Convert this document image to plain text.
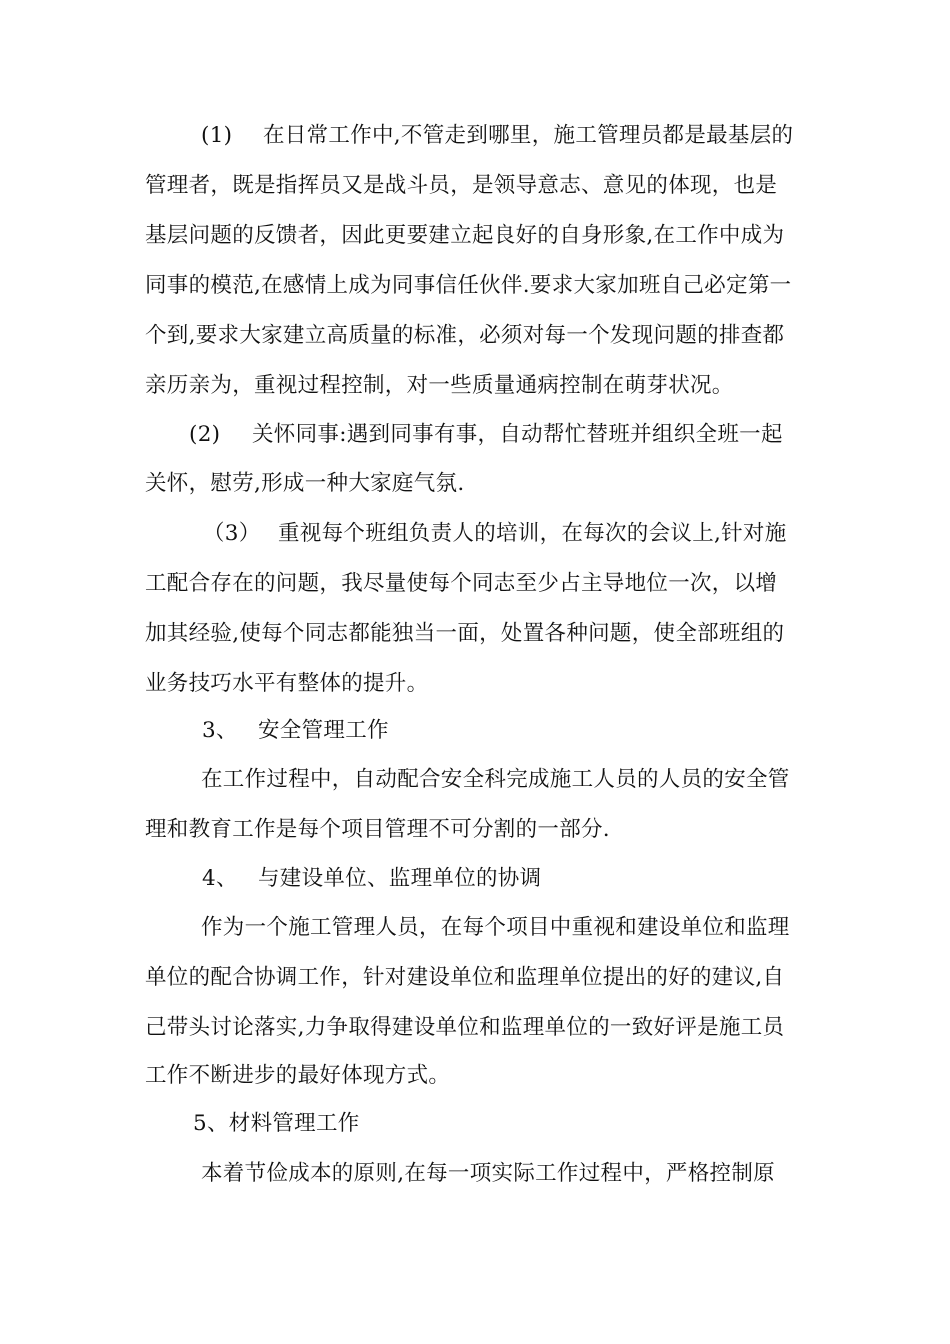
(1) 在日常工作中,不管走到哪里，施工管理员都是最基层的
管理者，既是指挥员又是战斗员，是领导意志、意见的体现，也是
基层问题的反馈者，因此更要建立起良好的自身形象,在工作中成为
同事的模范,在感情上成为同事信任伙伴.要求大家加班自己必定第一
个到,要求大家建立高质量的标准，必须对每一个发现问题的排查都
亲历亲为，重视过程控制，对一些质量通病控制在萌芽状况。
(2) 关怀同事:遇到同事有事，自动帮忙替班并组织全班一起
关怀，慰劳,形成一种大家庭气氛.
（3） 重视每个班组负责人的培训，在每次的会议上,针对施
工配合存在的问题，我尽量使每个同志至少占主导地位一次，以增
加其经验,使每个同志都能独当一面，处置各种问题，使全部班组的
业务技巧水平有整体的提升。
3、 安全管理工作
在工作过程中，自动配合安全科完成施工人员的人员的安全管
理和教育工作是每个项目管理不可分割的一部分.
4、 与建设单位、监理单位的协调
作为一个施工管理人员，在每个项目中重视和建设单位和监理
单位的配合协调工作，针对建设单位和监理单位提出的好的建议,自
己带头讨论落实,力争取得建设单位和监理单位的一致好评是施工员
工作不断进步的最好体现方式。
5、材料管理工作
本着节俭成本的原则,在每一项实际工作过程中，严格控制原
